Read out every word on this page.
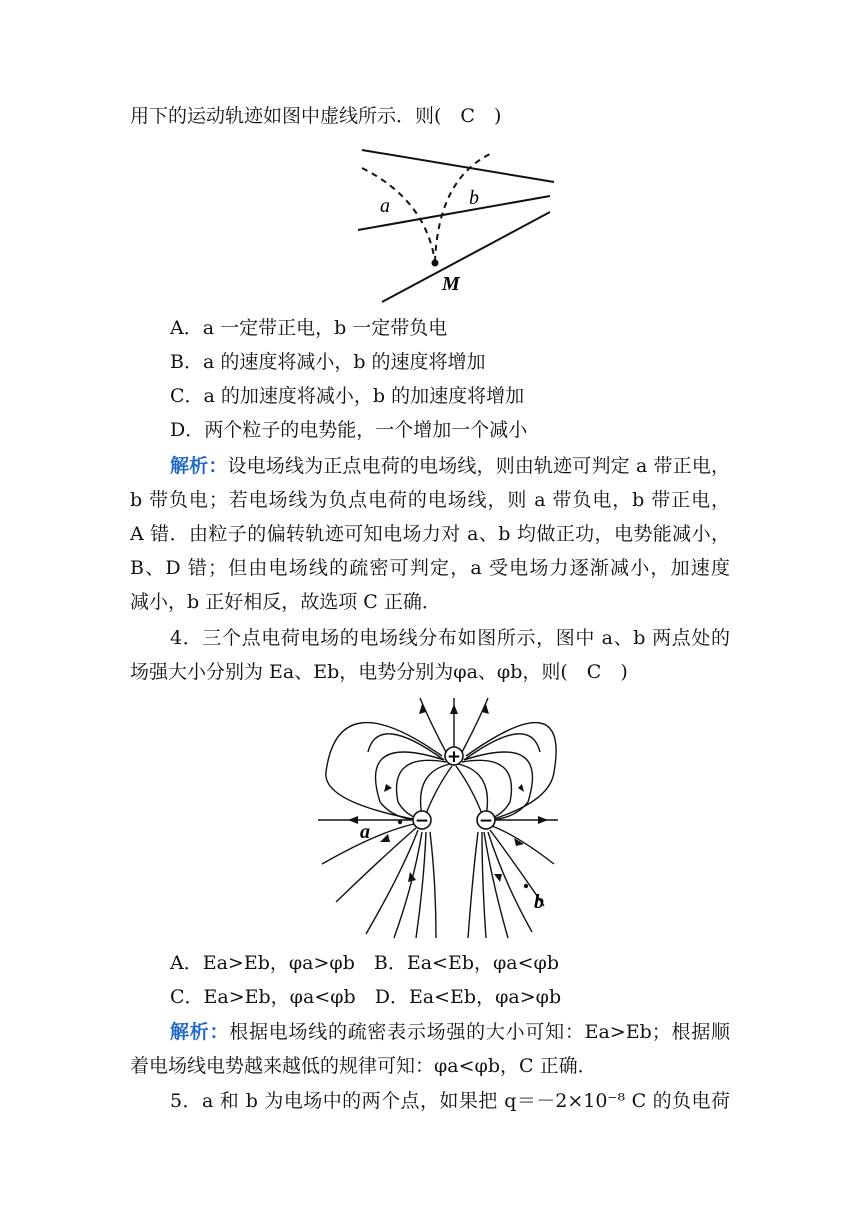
用下的运动轨迹如图中虚线所示．则(　C　)
a	b
M
A．a 一定带正电，b 一定带负电
B．a 的速度将减小，b 的速度将增加
C．a 的加速度将减小，b 的加速度将增加
D．两个粒子的电势能，一个增加一个减小
解析：设电场线为正点电荷的电场线，则由轨迹可判定 a 带正电，
b 带负电；若电场线为负点电荷的电场线，则 a 带负电，b 带正电，
A 错．由粒子的偏转轨迹可知电场力对 a、b 均做正功，电势能减小，
B、D 错；但由电场线的疏密可判定，a 受电场力逐渐减小，加速度
减小，b 正好相反，故选项 C 正确．
4．三个点电荷电场的电场线分布如图所示，图中 a、b 两点处的
场强大小分别为 Ea、Eb，电势分别为φa、φb，则(　C　)
+
−	−
a
b
A．Ea>Eb，φa>φb　B．Ea<Eb，φa<φb
C．Ea>Eb，φa<φb　D．Ea<Eb，φa>φb
解析：根据电场线的疏密表示场强的大小可知：Ea>Eb；根据顺
着电场线电势越来越低的规律可知：φa<φb，C 正确．
5．a 和 b 为电场中的两个点，如果把 q＝－2×10⁻⁸ C 的负电荷
